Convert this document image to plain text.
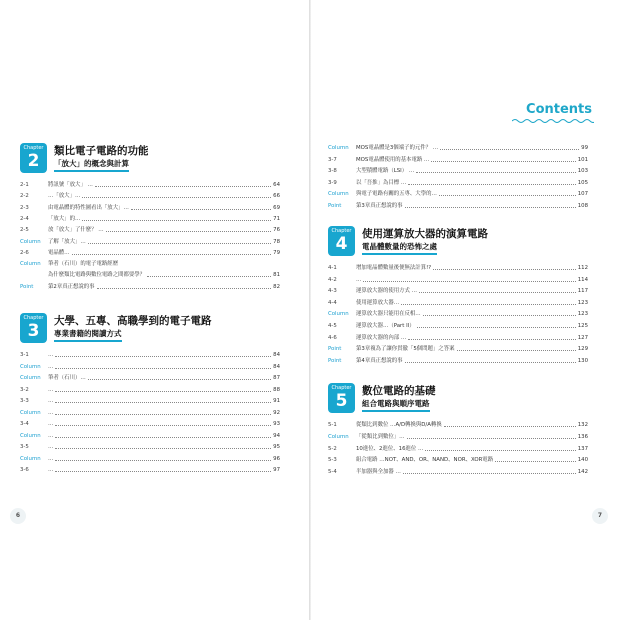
Contents
Chapter
2	類比電子電路的功能
「放大」的概念與計算
2-1	將訊號「放大」 …	64
2-2	…「放大」…	66
2-3	由電晶體的特性圖看出「放大」…	69
2-4	「放大」的…	71
2-5	放「放大」了什麼？ …	76
Column	了解「放大」…	78
2-6	電晶體…	79
Column	筆者（石川）的電子電路經歷
為什麼類比電路與數位電路之間都要學？	81
Point	第2章真正想說的事	82
Chapter
3	大學、五專、高職學到的電子電路
專業書籍的閱讀方式
3-1	…	84
Column	…	84
Column	筆者（石川）…	87
3-2	…	88
3-3	…	91
Column	…	92
3-4	…	93
Column	…	94
3-5	…	95
Column	…	96
3-6	…	97
Column	MOS電晶體是3個端子的元件？ …	99
3-7	MOS電晶體使用的基本電路 …	101
3-8	大型積體電路（LSI） …	103
3-9	以「吾推」為目標 …	105
Column	與電子電路有關的五專、大學的…	107
Point	第3章真正想說的事	108
Chapter
4	使用運算放大器的演算電路
電晶體數量的恐怖之處
4-1	增加電晶體數量後便無法計算!?	112
4-2	…	114
4-3	運算放大器的使用方式 …	117
4-4	使用運算放大器…	123
Column	運算放大器只能用在反相…	123
4-5	運算放大器…（Part II）	125
4-6	運算放大器的內部 …	127
Point	第3章複為了讓你貫徹「5個問題」之答案	129
Point	第4章真正想說的事	130
Chapter
5	數位電路的基礎
組合電路與順序電路
5-1	從類比到數位 …A/D轉換與D/A轉換	132
Column	「從類比到數位」…	136
5-2	10進位、2進位、16進位 …	137
5-3	組合電路 …NOT、AND、OR、NAND、NOR、XOR電路	140
5-4	半加器與全加器 …	142
6	7
